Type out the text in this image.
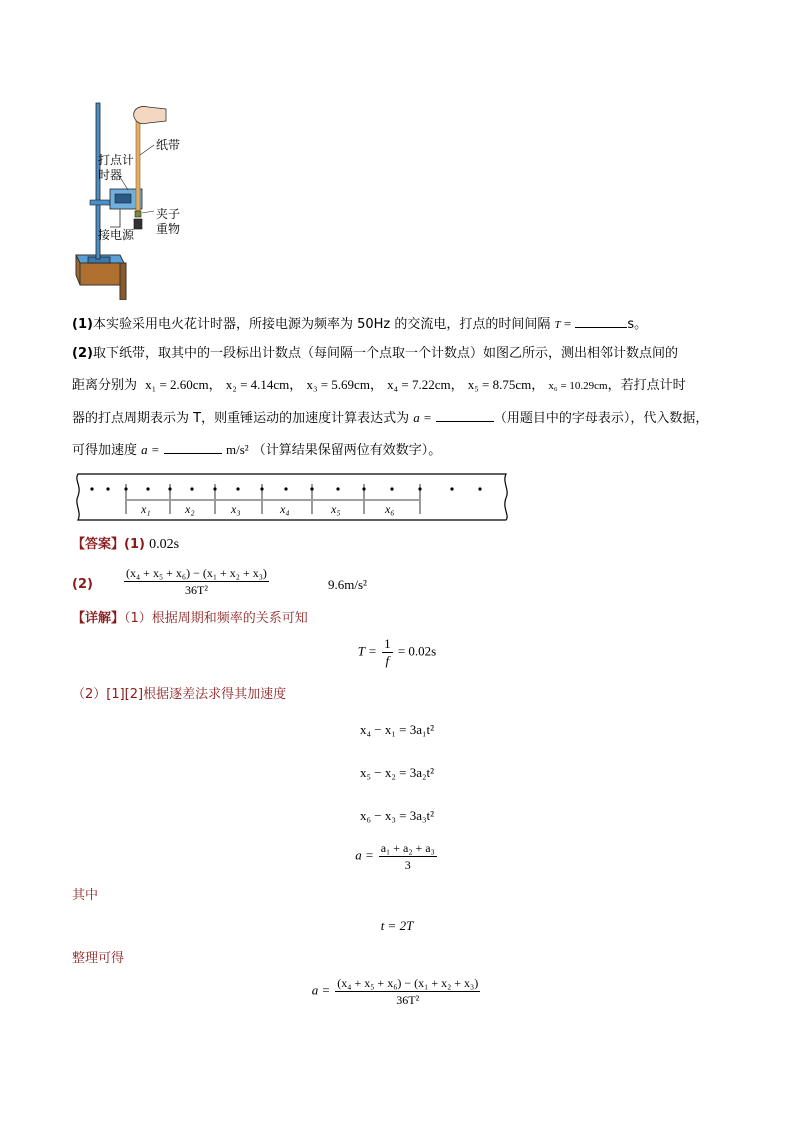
打点计
时器
纸带
夹子
重物
接电源
(1)本实验采用电火花计时器，所接电源为频率为 50Hz 的交流电，打点的时间间隔 T =	s。
(2)取下纸带，取其中的一段标出计数点（每间隔一个点取一个计数点）如图乙所示，测出相邻计数点间的
距离分别为 x₁ = 2.60cm， x₂ = 4.14cm， x₃ = 5.69cm， x₄ = 7.22cm， x₅ = 8.75cm， x₆ = 10.29cm，若打点计时
器的打点周期表示为 T，则重锤运动的加速度计算表达式为 a =	（用题目中的字母表示），代入数据，
可得加速度 a =	m/s² （计算结果保留两位有效数字）。
x₁	x₂	x₃	x₄	x₅	x₆
【答案】(1) 0.02s
(2)	$\frac{\text{(x₄ + x₅ + x₆) − (x₁ + x₂ + x₃)}}{\text{36T²}}$	9.6m/s²
【详解】（1）根据周期和频率的关系可知
$T = \frac{1}{f} = 0.02s$
（2）[1][2]根据逐差法求得其加速度
x₄ − x₁ = 3a₁t²
x₅ − x₂ = 3a₂t²
x₆ − x₃ = 3a₃t²
$a = \frac{\text{a₁ + a₂ + a₃}}{3}$
其中
t = 2T
整理可得
$a = \frac{\text{(x₄ + x₅ + x₆) − (x₁ + x₂ + x₃)}}{\text{36T²}}$
